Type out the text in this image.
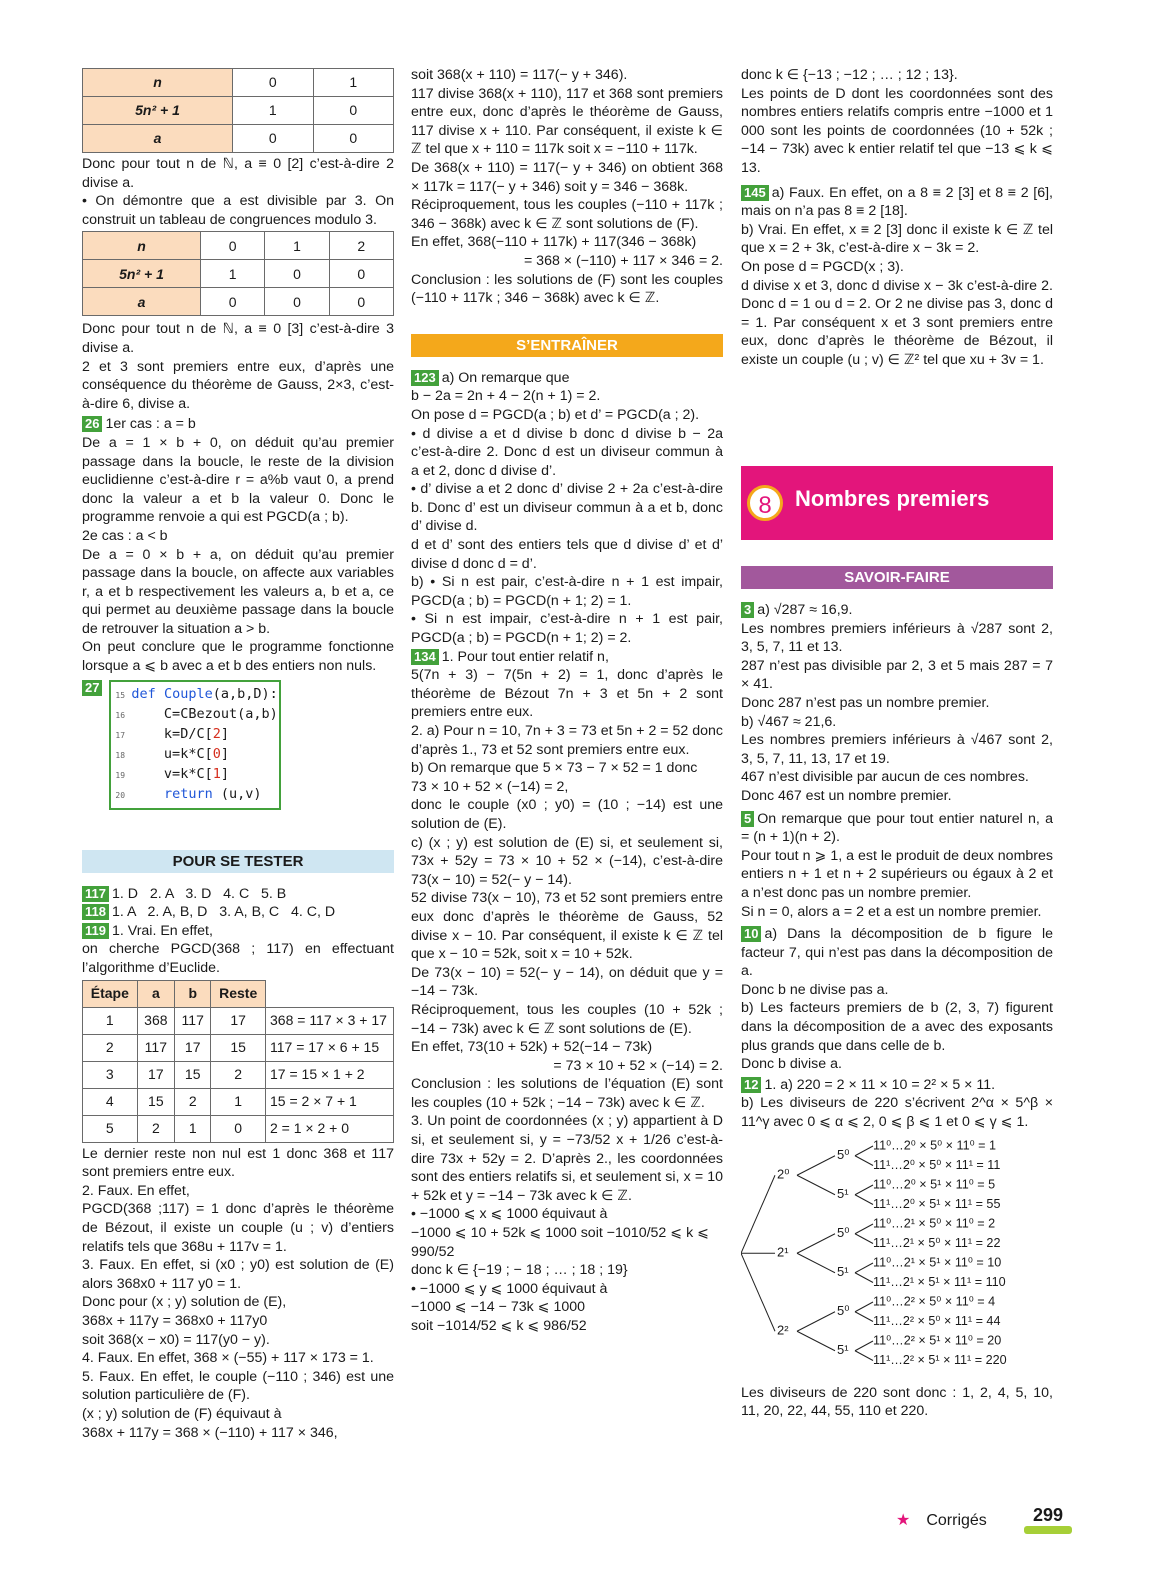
n	0	1
5n² + 1	1	0
a	0	0

Donc pour tout n de ℕ, a ≡ 0 [2] c’est-à-dire 2 divise a.

• On démontre que a est divisible par 3. On construit un tableau de congruences modulo 3.

n	0	1	2
5n² + 1	1	0	0
a	0	0	0

Donc pour tout n de ℕ, a ≡ 0 [3] c’est-à-dire 3 divise a.

2 et 3 sont premiers entre eux, d’après une conséquence du théorème de Gauss, 2×3, c’est-à-dire 6, divise a.

26 1er cas : a = b

De a = 1 × b + 0, on déduit qu’au premier passage dans la boucle, le reste de la division euclidienne c’est-à-dire r = a%b vaut 0, a prend donc la valeur a et b la valeur 0. Donc le programme renvoie a qui est PGCD(a ; b).

2e cas : a < b

De a = 0 × b + a, on déduit qu’au premier passage dans la boucle, on affecte aux variables r, a et b respectivement les valeurs a, b et a, ce qui permet au deuxième passage dans la boucle de retrouver la situation a > b.

On peut conclure que le programme fonctionne lorsque a ⩽ b avec a et b des entiers non nuls.

27
15 def Couple(a,b,D):
16    C=CBezout(a,b)
17    k=D/C[2]
18    u=k*C[0]
19    v=k*C[1]
20	return (u,v)
POUR SE TESTER

117 1. D   2. A   3. D   4. C   5. B

118 1. A   2. A, B, D   3. A, B, C   4. C, D

119 1. Vrai. En effet,

on cherche PGCD(368 ; 117) en effectuant l’algorithme d’Euclide.

Étape	a	b	Reste	
1	368	117	17	368 = 117 × 3 + 17
2	117	17	15	117 = 17 × 6 + 15
3	17	15	2	17 = 15 × 1 + 2
4	15	2	1	15 = 2 × 7 + 1
5	2	1	0	2 = 1 × 2 + 0

Le dernier reste non nul est 1 donc 368 et 117 sont premiers entre eux.

2. Faux. En effet,

PGCD(368 ;117) = 1 donc d’après le théorème de Bézout, il existe un couple (u ; v) d’entiers relatifs tels que 368u + 117v = 1.

3. Faux. En effet, si (x0 ; y0) est solution de (E) alors 368x0 + 117 y0 = 1.

Donc pour (x ; y) solution de (E),

368x + 117y = 368x0 + 117y0

soit 368(x − x0) = 117(y0 − y).

4. Faux. En effet, 368 × (−55) + 117 × 173 = 1.

5. Faux. En effet, le couple (−110 ; 346) est une solution particulière de (F).

(x ; y) solution de (F) équivaut à

368x + 117y = 368 × (−110) + 117 × 346,

soit 368(x + 110) = 117(− y + 346).

117 divise 368(x + 110), 117 et 368 sont premiers entre eux, donc d’après le théorème de Gauss, 117 divise x + 110. Par conséquent, il existe k ∈ ℤ tel que x + 110 = 117k soit x = −110 + 117k.

De 368(x + 110) = 117(− y + 346) on obtient 368 × 117k = 117(− y + 346) soit y = 346 − 368k.

Réciproquement, tous les couples (−110 + 117k ; 346 − 368k) avec k ∈ ℤ sont solutions de (F).

En effet, 368(−110 + 117k) + 117(346 − 368k)

= 368 × (−110) + 117 × 346 = 2.

Conclusion : les solutions de (F) sont les couples (−110 + 117k ; 346 − 368k) avec k ∈ ℤ.

S’ENTRAÎNER

123 a) On remarque que

b − 2a = 2n + 4 − 2(n + 1) = 2.

On pose d = PGCD(a ; b) et d’ = PGCD(a ; 2).

• d divise a et d divise b donc d divise b − 2a c’est-à-dire 2. Donc d est un diviseur commun à a et 2, donc d divise d’.

• d’ divise a et 2 donc d’ divise 2 + 2a c’est-à-dire b. Donc d’ est un diviseur commun à a et b, donc d’ divise d.

d et d’ sont des entiers tels que d divise d’ et d’ divise d donc d = d’.

b) • Si n est pair, c’est-à-dire n + 1 est impair, PGCD(a ; b) = PGCD(n + 1; 2) = 1.

• Si n est impair, c’est-à-dire n + 1 est pair, PGCD(a ; b) = PGCD(n + 1; 2) = 2.

134 1. Pour tout entier relatif n,

5(7n + 3) − 7(5n + 2) = 1, donc d’après le théorème de Bézout 7n + 3 et 5n + 2 sont premiers entre eux.

2. a) Pour n = 10, 7n + 3 = 73 et 5n + 2 = 52 donc d’après 1., 73 et 52 sont premiers entre eux.

b) On remarque que 5 × 73 − 7 × 52 = 1 donc

73 × 10 + 52 × (−14) = 2,

donc le couple (x0 ; y0) = (10 ; −14) est une solution de (E).

c) (x ; y) est solution de (E) si, et seulement si, 73x + 52y = 73 × 10 + 52 × (−14), c’est-à-dire 73(x − 10) = 52(− y − 14).

52 divise 73(x − 10), 73 et 52 sont premiers entre eux donc d’après le théorème de Gauss, 52 divise x − 10. Par conséquent, il existe k ∈ ℤ tel que x − 10 = 52k, soit x = 10 + 52k.

De 73(x − 10) = 52(− y − 14), on déduit que y = −14 − 73k.

Réciproquement, tous les couples (10 + 52k ; −14 − 73k) avec k ∈ ℤ sont solutions de (E).

En effet, 73(10 + 52k) + 52(−14 − 73k)

= 73 × 10 + 52 × (−14) = 2.

Conclusion : les solutions de l’équation (E) sont les couples (10 + 52k ; −14 − 73k) avec k ∈ ℤ.

3. Un point de coordonnées (x ; y) appartient à D si, et seulement si, y = −73/52 x + 1/26 c’est-à-dire 73x + 52y = 2. D’après 2., les coordonnées sont des entiers relatifs si, et seulement si, x = 10 + 52k et y = −14 − 73k avec k ∈ ℤ.

• −1000 ⩽ x ⩽ 1000 équivaut à

−1000 ⩽ 10 + 52k ⩽ 1000 soit −1010/52 ⩽ k ⩽ 990/52

donc k ∈ {−19 ; − 18 ; … ; 18 ; 19}

• −1000 ⩽ y ⩽ 1000 équivaut à

−1000 ⩽ −14 − 73k ⩽ 1000

soit −1014/52 ⩽ k ⩽ 986/52

donc k ∈ {−13 ; −12 ; … ; 12 ; 13}.

Les points de D dont les coordonnées sont des nombres entiers relatifs compris entre −1000 et 1 000 sont les points de coordonnées (10 + 52k ; −14 − 73k) avec k entier relatif tel que −13 ⩽ k ⩽ 13.

145 a) Faux. En effet, on a 8 ≡ 2 [3] et 8 ≡ 2 [6], mais on n’a pas 8 ≡ 2 [18].

b) Vrai. En effet, x ≡ 2 [3] donc il existe k ∈ ℤ tel que x = 2 + 3k, c’est-à-dire x − 3k = 2.

On pose d = PGCD(x ; 3).

d divise x et 3, donc d divise x − 3k c’est-à-dire 2. Donc d = 1 ou d = 2. Or 2 ne divise pas 3, donc d = 1. Par conséquent x et 3 sont premiers entre eux, donc d’après le théorème de Bézout, il existe un couple (u ; v) ∈ ℤ² tel que xu + 3v = 1.

8	Nombres premiers
SAVOIR-FAIRE

3 a) √287 ≈ 16,9.

Les nombres premiers inférieurs à √287 sont 2, 3, 5, 7, 11 et 13.

287 n’est pas divisible par 2, 3 et 5 mais 287 = 7 × 41.

Donc 287 n’est pas un nombre premier.

b) √467 ≈ 21,6.

Les nombres premiers inférieurs à √467 sont 2, 3, 5, 7, 11, 13, 17 et 19.

467 n’est divisible par aucun de ces nombres.

Donc 467 est un nombre premier.

5 On remarque que pour tout entier naturel n, a = (n + 1)(n + 2).

Pour tout n ⩾ 1, a est le produit de deux nombres entiers n + 1 et n + 2 supérieurs ou égaux à 2 et a n’est donc pas un nombre premier.

Si n = 0, alors a = 2 et a est un nombre premier.

10 a) Dans la décomposition de b figure le facteur 7, qui n’est pas dans la décomposition de a.

Donc b ne divise pas a.

b) Les facteurs premiers de b (2, 3, 7) figurent dans la décomposition de a avec des exposants plus grands que dans celle de b.

Donc b divise a.

12 1. a) 220 = 2 × 11 × 10 = 2² × 5 × 11.

b) Les diviseurs de 220 s’écrivent 2^α × 5^β × 11^γ avec 0 ⩽ α ⩽ 2, 0 ⩽ β ⩽ 1 et 0 ⩽ γ ⩽ 1.

2⁰
5⁰
11⁰…2⁰ × 5⁰ × 11⁰ = 1
11¹…2⁰ × 5⁰ × 11¹ = 11
5¹
11⁰…2⁰ × 5¹ × 11⁰ = 5
11¹…2⁰ × 5¹ × 11¹ = 55
2¹
5⁰
11⁰…2¹ × 5⁰ × 11⁰ = 2
11¹…2¹ × 5⁰ × 11¹ = 22
5¹
11⁰…2¹ × 5¹ × 11⁰ = 10
11¹…2¹ × 5¹ × 11¹ = 110
2²
5⁰
11⁰…2² × 5⁰ × 11⁰ = 4
11¹…2² × 5⁰ × 11¹ = 44
5¹
11⁰…2² × 5¹ × 11⁰ = 20
11¹…2² × 5¹ × 11¹ = 220

Les diviseurs de 220 sont donc : 1, 2, 4, 5, 10, 11, 20, 22, 44, 55, 110 et 220.

★ Corrigés	299
